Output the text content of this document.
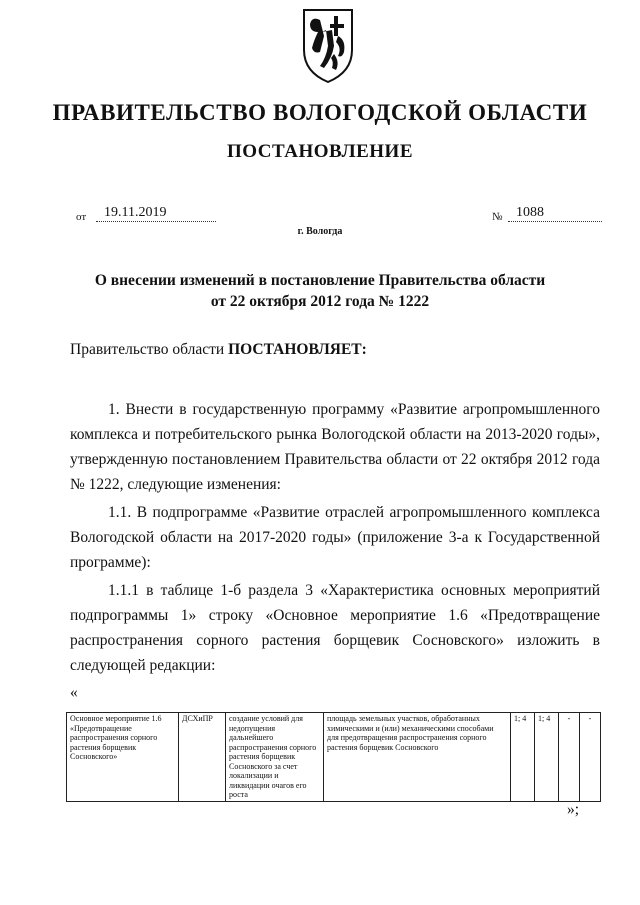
ПРАВИТЕЛЬСТВО ВОЛОГОДСКОЙ ОБЛАСТИ
ПОСТАНОВЛЕНИЕ
от	19.11.2019	№ 1088
г. Вологда
О внесении изменений в постановление Правительства области
от 22 октября 2012 года № 1222
Правительство области ПОСТАНОВЛЯЕТ:
1. Внести в государственную программу «Развитие агропромышленного комплекса и потребительского рынка Вологодской области на 2013-2020 годы», утвержденную постановлением Правительства области от 22 октября 2012 года № 1222, следующие изменения:
1.1. В подпрограмме «Развитие отраслей агропромышленного комплекса Вологодской области на 2017-2020 годы» (приложение 3-а к Государственной программе):
1.1.1 в таблице 1-б раздела 3 «Характеристика основных мероприятий подпрограммы 1» строку «Основное мероприятие 1.6 «Предотвращение распространения сорного растения борщевик Сосновского» изложить в следующей редакции:
«
Основное мероприятие 1.6 «Предотвращение распространения сорного растения борщевик Сосновского»	ДСХиПР	создание условий для недопущения дальнейшего распространения сорного растения борщевик Сосновского за счет локализации и ликвидации очагов его роста	площадь земельных участков, обработанных химическими и (или) механическими способами для предотвращения распространения сорного растения борщевик Сосновского	1; 4	1; 4	-	-
»;
